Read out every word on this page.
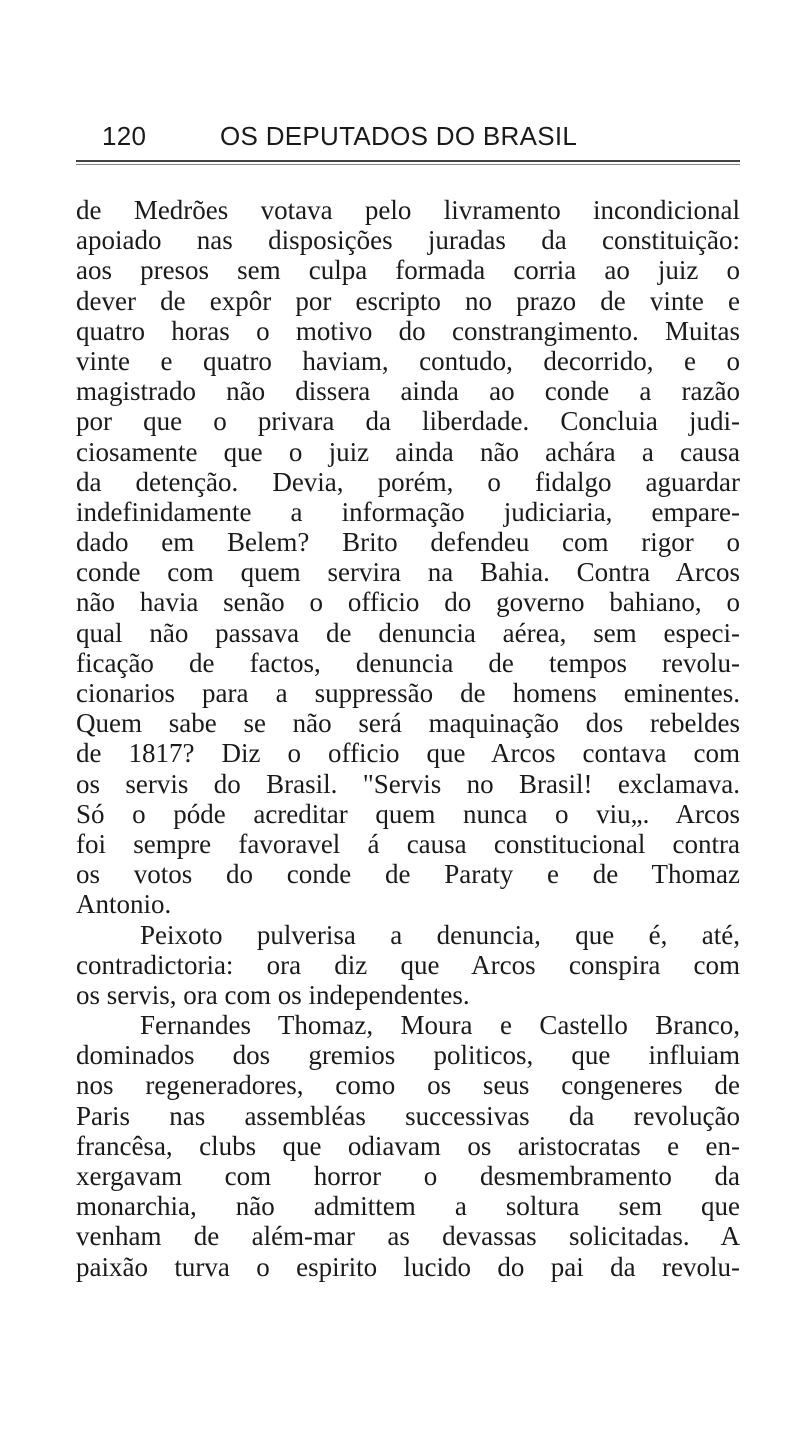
120	OS DEPUTADOS DO BRASIL
de Medrões votava pelo livramento incondicional
apoiado nas disposições juradas da constituição:
aos presos sem culpa formada corria ao juiz o
dever de expôr por escripto no prazo de vinte e
quatro horas o motivo do constrangimento. Muitas
vinte e quatro haviam, contudo, decorrido, e o
magistrado não dissera ainda ao conde a razão
por que o privara da liberdade. Concluia judi-
ciosamente que o juiz ainda não achára a causa
da detenção. Devia, porém, o fidalgo aguardar
indefinidamente a informação judiciaria, empare-
dado em Belem? Brito defendeu com rigor o
conde com quem servira na Bahia. Contra Arcos
não havia senão o officio do governo bahiano, o
qual não passava de denuncia aérea, sem especi-
ficação de factos, denuncia de tempos revolu-
cionarios para a suppressão de homens eminentes.
Quem sabe se não será maquinação dos rebeldes
de 1817? Diz o officio que Arcos contava com
os servis do Brasil. "Servis no Brasil! exclamava.
Só o póde acreditar quem nunca o viu„. Arcos
foi sempre favoravel á causa constitucional contra
os votos do conde de Paraty e de Thomaz
Antonio.
Peixoto pulverisa a denuncia, que é, até,
contradictoria: ora diz que Arcos conspira com
os servis, ora com os independentes.
Fernandes Thomaz, Moura e Castello Branco,
dominados dos gremios politicos, que influiam
nos regeneradores, como os seus congeneres de
Paris nas assembléas successivas da revolução
francêsa, clubs que odiavam os aristocratas e en-
xergavam com horror o desmembramento da
monarchia, não admittem a soltura sem que
venham de além-mar as devassas solicitadas. A
paixão turva o espirito lucido do pai da revolu-
